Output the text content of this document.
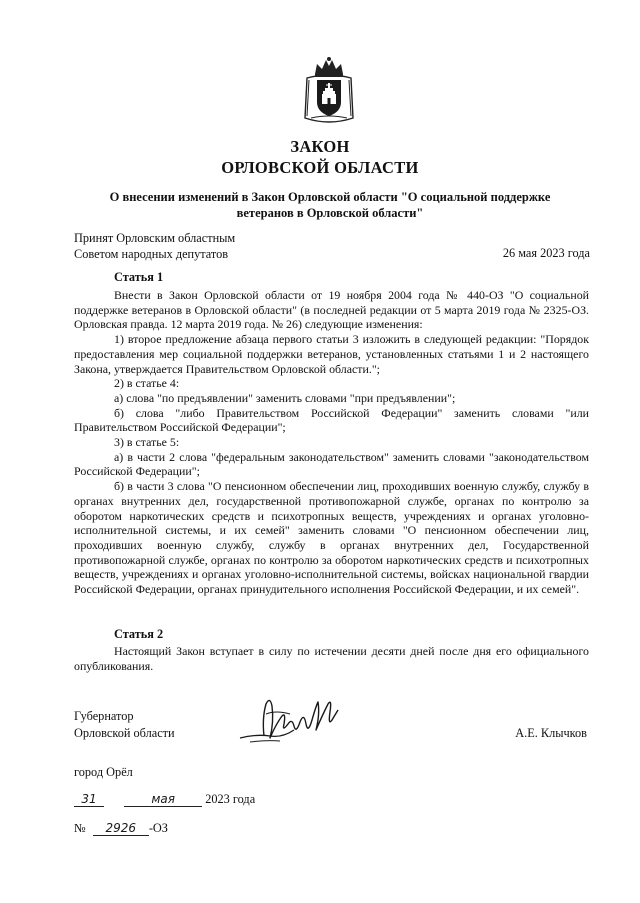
ЗАКОН
ОРЛОВСКОЙ ОБЛАСТИ
О внесении изменений в Закон Орловской области "О социальной поддержке ветеранов в Орловской области"
Принят Орловским областным
Советом народных депутатов	26 мая 2023 года
Статья 1

Внести в Закон Орловской области от 19 ноября 2004 года № 440-ОЗ "О социальной поддержке ветеранов в Орловской области" (в последней редакции от 5 марта 2019 года № 2325-ОЗ. Орловская правда. 12 марта 2019 года. № 26) следующие изменения:

1) второе предложение абзаца первого статьи 3 изложить в следующей редакции: "Порядок предоставления мер социальной поддержки ветеранов, установленных статьями 1 и 2 настоящего Закона, утверждается Правительством Орловской области.";

2) в статье 4:

а) слова "по предъявлении" заменить словами "при предъявлении";

б) слова "либо Правительством Российской Федерации" заменить словами "или Правительством Российской Федерации";

3) в статье 5:

а) в части 2 слова "федеральным законодательством" заменить словами "законодательством Российской Федерации";

б) в части 3 слова "О пенсионном обеспечении лиц, проходивших военную службу, службу в органах внутренних дел, государственной противопожарной службе, органах по контролю за оборотом наркотических средств и психотропных веществ, учреждениях и органах уголовно-исполнительной системы, и их семей" заменить словами "О пенсионном обеспечении лиц, проходивших военную службу, службу в органах внутренних дел, Государственной противопожарной службе, органах по контролю за оборотом наркотических средств и психотропных веществ, учреждениях и органах уголовно-исполнительной системы, войсках национальной гвардии Российской Федерации, органах принудительного исполнения Российской Федерации, и их семей".

Статья 2

Настоящий Закон вступает в силу по истечении десяти дней после дня его официального опубликования.

Губернатор
Орловской области	А.Е. Клычков
город Орёл
31	мая 2023 года
№ 2926 -ОЗ
